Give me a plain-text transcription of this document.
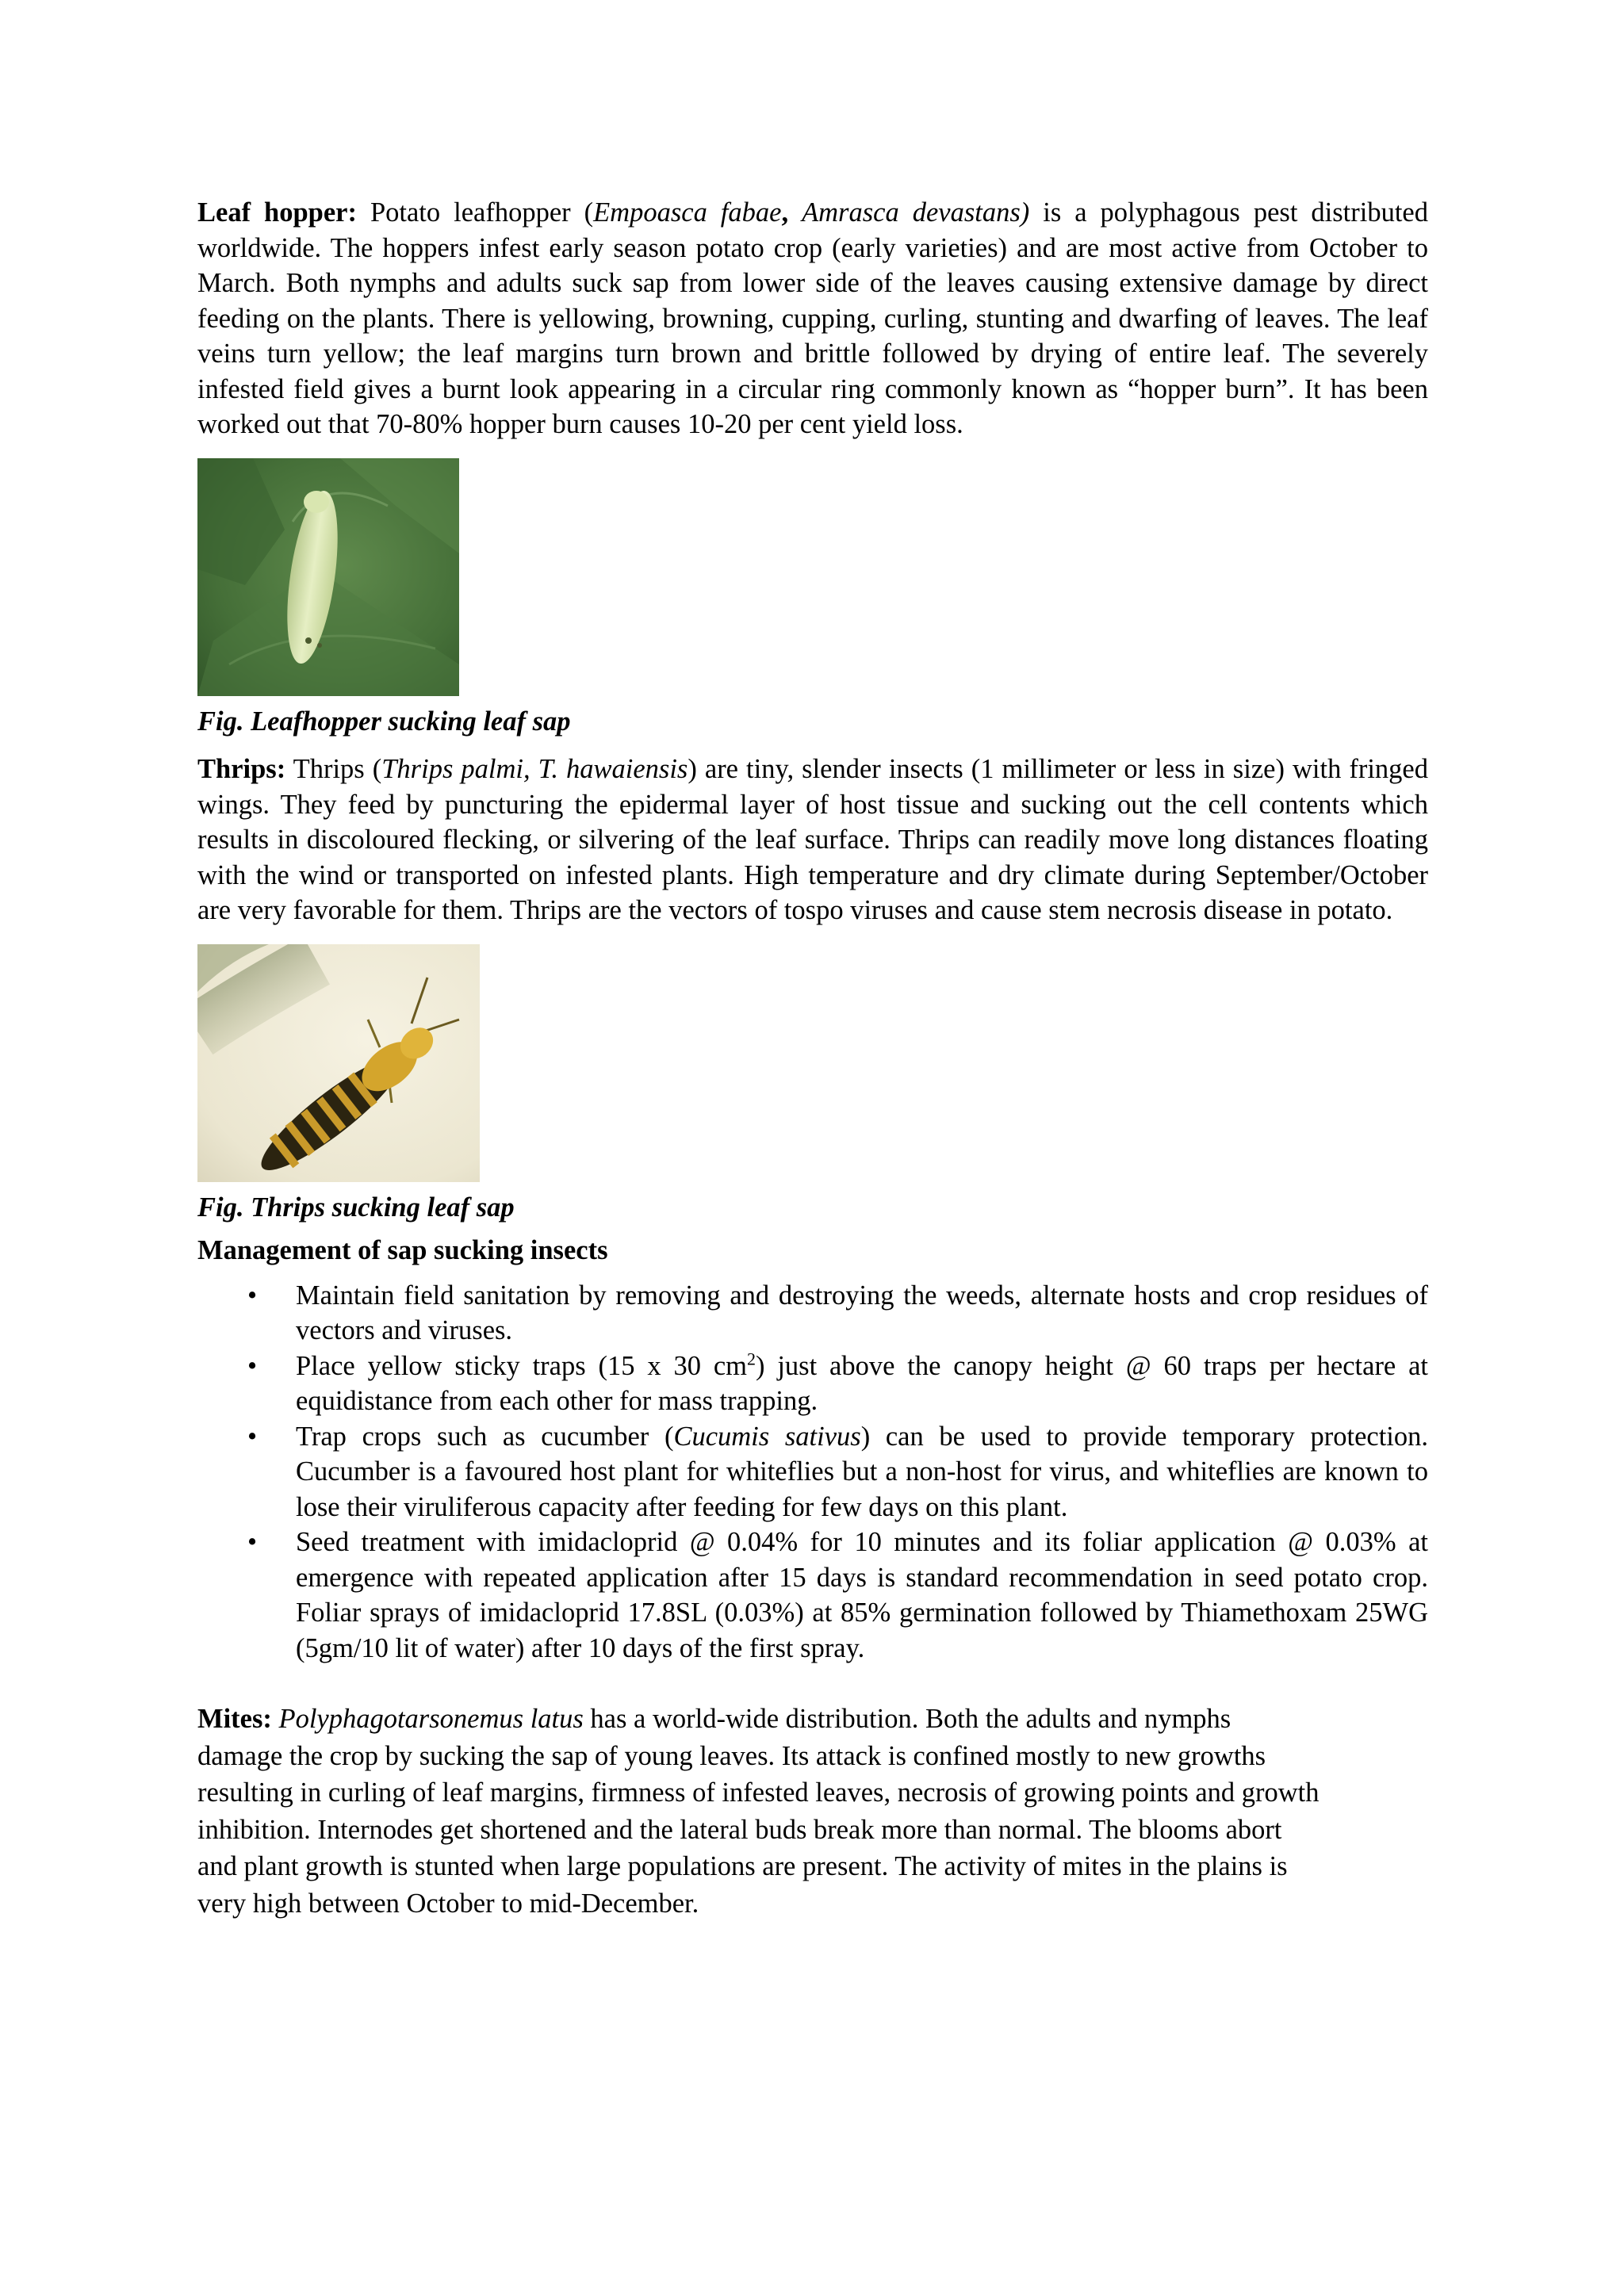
Leaf hopper: Potato leafhopper (Empoasca fabae, Amrasca devastans) is a polyphagous pest distributed worldwide. The hoppers infest early season potato crop (early varieties) and are most active from October to March. Both nymphs and adults suck sap from lower side of the leaves causing extensive damage by direct feeding on the plants. There is yellowing, browning, cupping, curling, stunting and dwarfing of leaves. The leaf veins turn yellow; the leaf margins turn brown and brittle followed by drying of entire leaf. The severely infested field gives a burnt look appearing in a circular ring commonly known as “hopper burn”. It has been worked out that 70-80% hopper burn causes 10-20 per cent yield loss.

Fig. Leafhopper sucking leaf sap

Thrips: Thrips (Thrips palmi, T. hawaiensis) are tiny, slender insects (1 millimeter or less in size) with fringed wings. They feed by puncturing the epidermal layer of host tissue and sucking out the cell contents which results in discoloured flecking, or silvering of the leaf surface. Thrips can readily move long distances floating with the wind or transported on infested plants. High temperature and dry climate during September/October are very favorable for them. Thrips are the vectors of tospo viruses and cause stem necrosis disease in potato.

Fig. Thrips sucking leaf sap

Management of sap sucking insects

• Maintain field sanitation by removing and destroying the weeds, alternate hosts and crop residues of vectors and viruses.
• Place yellow sticky traps (15 x 30 $cm^2$) just above the canopy height @ 60 traps per hectare at equidistance from each other for mass trapping.
• Trap crops such as cucumber (Cucumis sativus) can be used to provide temporary protection. Cucumber is a favoured host plant for whiteflies but a non-host for virus, and whiteflies are known to lose their viruliferous capacity after feeding for few days on this plant.
• Seed treatment with imidacloprid @ 0.04% for 10 minutes and its foliar application @ 0.03% at emergence with repeated application after 15 days is standard recommendation in seed potato crop. Foliar sprays of imidacloprid 17.8SL (0.03%) at 85% germination followed by Thiamethoxam 25WG (5gm/10 lit of water) after 10 days of the first spray.

Mites: Polyphagotarsonemus latus has a world-wide distribution. Both the adults and nymphs
damage the crop by sucking the sap of young leaves. Its attack is confined mostly to new growths
resulting in curling of leaf margins, firmness of infested leaves, necrosis of growing points and growth
inhibition. Internodes get shortened and the lateral buds break more than normal. The blooms abort
and plant growth is stunted when large populations are present. The activity of mites in the plains is
very high between October to mid-December.
